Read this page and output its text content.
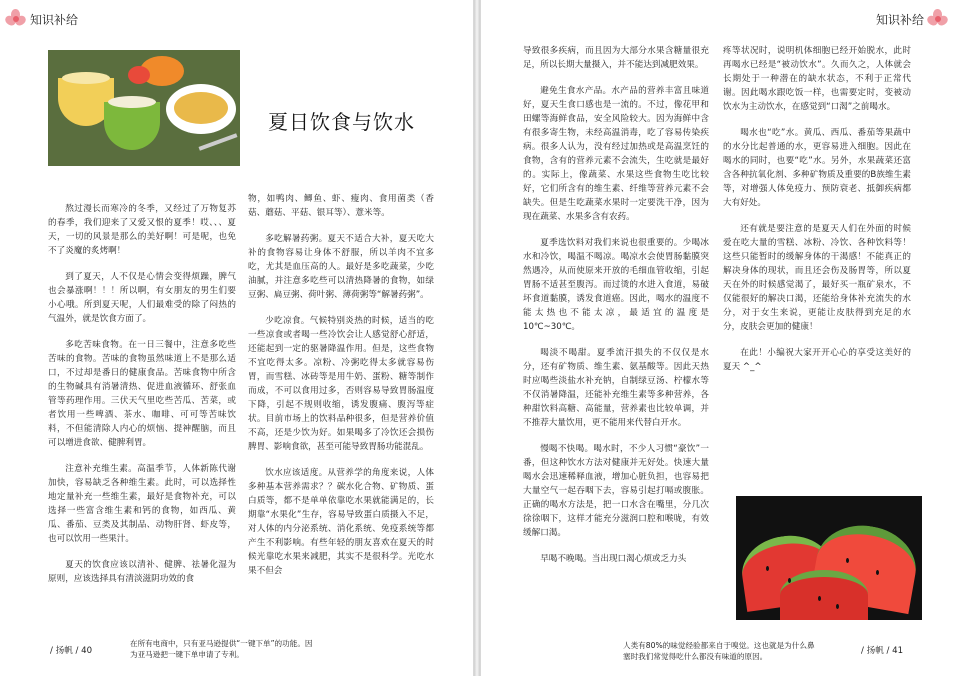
知识补给
夏日饮食与饮水

熬过漫长而寒冷的冬季，又经过了万物复苏的春季，我们迎来了又爱又恨的夏季！哎、、、夏天，一切的风景是那么的美好啊！可是呢，也免不了炎魔的炙烤啊！

到了夏天，人不仅是心情会变得烦躁，脾气也会暴涨啊！！！所以啊，有女朋友的男生们要小心哦。所到夏天呢，人们最难受的除了闷热的气温外，就是饮食方面了。

多吃苦味食物。在一日三餐中，注意多吃些苦味的食物。苦味的食物虽然味道上不是那么适口，不过却是番日的健康食品。苦味食物中所含的生物碱具有消暑清热、促进血液循环、舒张血管等药理作用。三伏天气里吃些苦瓜、苦菜，或者饮用一些啤酒、茶水、咖啡、可可等苦味饮料，不但能清除人内心的烦恼、提神醒脑，而且可以增进食欲、健脾利胃。

注意补充维生素。高温季节，人体新陈代谢加快，容易缺乏各种维生素。此时，可以选择性地定量补充一些维生素，最好是食物补充，可以选择一些富含维生素和钙的食物，如西瓜、黄瓜、番茄、豆类及其制品、动物肝肾、虾皮等，也可以饮用一些果汁。

夏天的饮食应该以清补、健脾、祛暑化湿为原则，应该选择具有清淡滋阴功效的食

物，如鸭肉、鲫鱼、虾、瘦肉、食用菌类（香菇、蘑菇、平菇、银耳等）、薏米等。

多吃解暑药粥。夏天不适合大补，夏天吃大补的食物容易让身体不舒服，所以羊肉不宜多吃，尤其是血压高的人。最好是多吃蔬菜，少吃油腻，并注意多吃些可以清热降暑的食物，如绿豆粥、扁豆粥、荷叶粥、薄荷粥等“解暑药粥”。

少吃凉食。气候特别炎热的时候，适当的吃一些凉食或者喝一些冷饮会让人感觉舒心舒适，还能起到一定的驱暑降温作用。但是，这些食物不宜吃得太多。凉粉、冷粥吃得太多就容易伤胃，而雪糕、冰砖等是用牛奶、蛋粉、糖等制作而成，不可以食用过多，否则容易导致胃肠温度下降，引起不规则收缩，诱发腹痛、腹泻等症状。目前市场上的饮料品种很多，但是营养价值不高，还是少饮为好。如果喝多了冷饮还会损伤脾胃、影响食欲，甚至可能导致胃肠功能混乱。

饮水应该适度。从营养学的角度来说，人体多种基本营养需求？？碳水化合物、矿物质、蛋白质等，都不是单单依靠吃水果就能满足的，长期靠“水果化”生存，容易导致蛋白质摄入不足，对人体的内分泌系统、消化系统、免疫系统等都产生不利影响。有些年轻的朋友喜欢在夏天的时候光靠吃水果来减肥，其实不是很科学。光吃水果不但会

/ 扬帆 / 40
在所有电商中，只有亚马逊提供“一键下单”的功能。因
为亚马逊把一键下单申请了专利。
知识补给

导致很多疾病，而且因为大部分水果含糖量很充足，所以长期大量摄入，并不能达到减肥效果。

避免生食水产品。水产品的营养丰富且味道好，夏天生食口感也是一流的。不过，像花甲和田螺等海鲜食品，安全风险较大。因为海鲜中含有很多寄生物，未经高温消毒，吃了容易传染疾病。很多人认为，没有经过加热或是高温烹饪的食物，含有的营养元素不会流失，生吃就是最好的。实际上，像蔬菜、水果这些食物生吃比较好，它们所含有的维生素、纤维等营养元素不会缺失。但是生吃蔬菜水果时一定要洗干净，因为现在蔬菜、水果多含有农药。

夏季选饮料对我们来说也很重要的。少喝冰水和冷饮，喝温不喝凉。喝凉水会使胃肠黏膜突然遇冷，从而使原来开放的毛细血管收缩，引起胃肠不适甚至腹泻。而过烫的水进入食道，易破坏食道黏膜，诱发食道癌。因此，喝水的温度不能太热也不能太凉，最适宜的温度是10℃~30℃。

喝淡不喝甜。夏季流汗损失的不仅仅是水分，还有矿物质、维生素、氨基酸等。因此天热时应喝些淡盐水补充钠，自制绿豆汤、柠檬水等不仅消暑降温，还能补充维生素等多种营养，各种甜饮料高糖、高能量，营养素也比较单调，并不推荐大量饮用，更不能用来代替白开水。

慢喝不快喝。喝水时，不少人习惯“豪饮”一番，但这种饮水方法对健康并无好处。快速大量喝水会迅速稀释血液，增加心脏负担，也容易把大量空气一起吞咽下去，容易引起打嗝或腹胀。正确的喝水方法是，把一口水含在嘴里，分几次徐徐咽下，这样才能充分滋润口腔和喉咙，有效缓解口渴。

早喝不晚喝。当出现口渴心烦或乏力头

疼等状况时，说明机体细胞已经开始脱水，此时再喝水已经是“被动饮水”。久而久之，人体就会长期处于一种潜在的缺水状态，不利于正常代谢。因此喝水跟吃饭一样，也需要定时，变被动饮水为主动饮水，在感觉到“口渴”之前喝水。

喝水也“吃”水。黄瓜、西瓜、番茄等果蔬中的水分比起普通的水，更容易进入细胞。因此在喝水的同时，也要“吃”水。另外，水果蔬菜还富含各种抗氧化剂、多种矿物质及重要的B族维生素等，对增强人体免疫力、预防衰老、抵御疾病都大有好处。

还有就是要注意的是夏天人们在外面的时候爱在吃大量的雪糕、冰粉、冷饮、各种饮料等！这些只能暂时的缓解身体的干渴感！不能真正的解决身体的现状，而且还会伤及肠胃等，所以夏天在外的时候感觉渴了，最好买一瓶矿泉水，不仅能很好的解决口渴，还能给身体补充流失的水分，对于女生来说，更能让皮肤得到充足的水分，皮肤会更加的健康！

在此！小编祝大家开开心心的享受这美好的夏天 ^_^

人类有80%的味觉经验都来自于嗅觉。这也就是为什么鼻
塞时我们常觉得吃什么都没有味道的原因。
/ 扬帆 / 41
